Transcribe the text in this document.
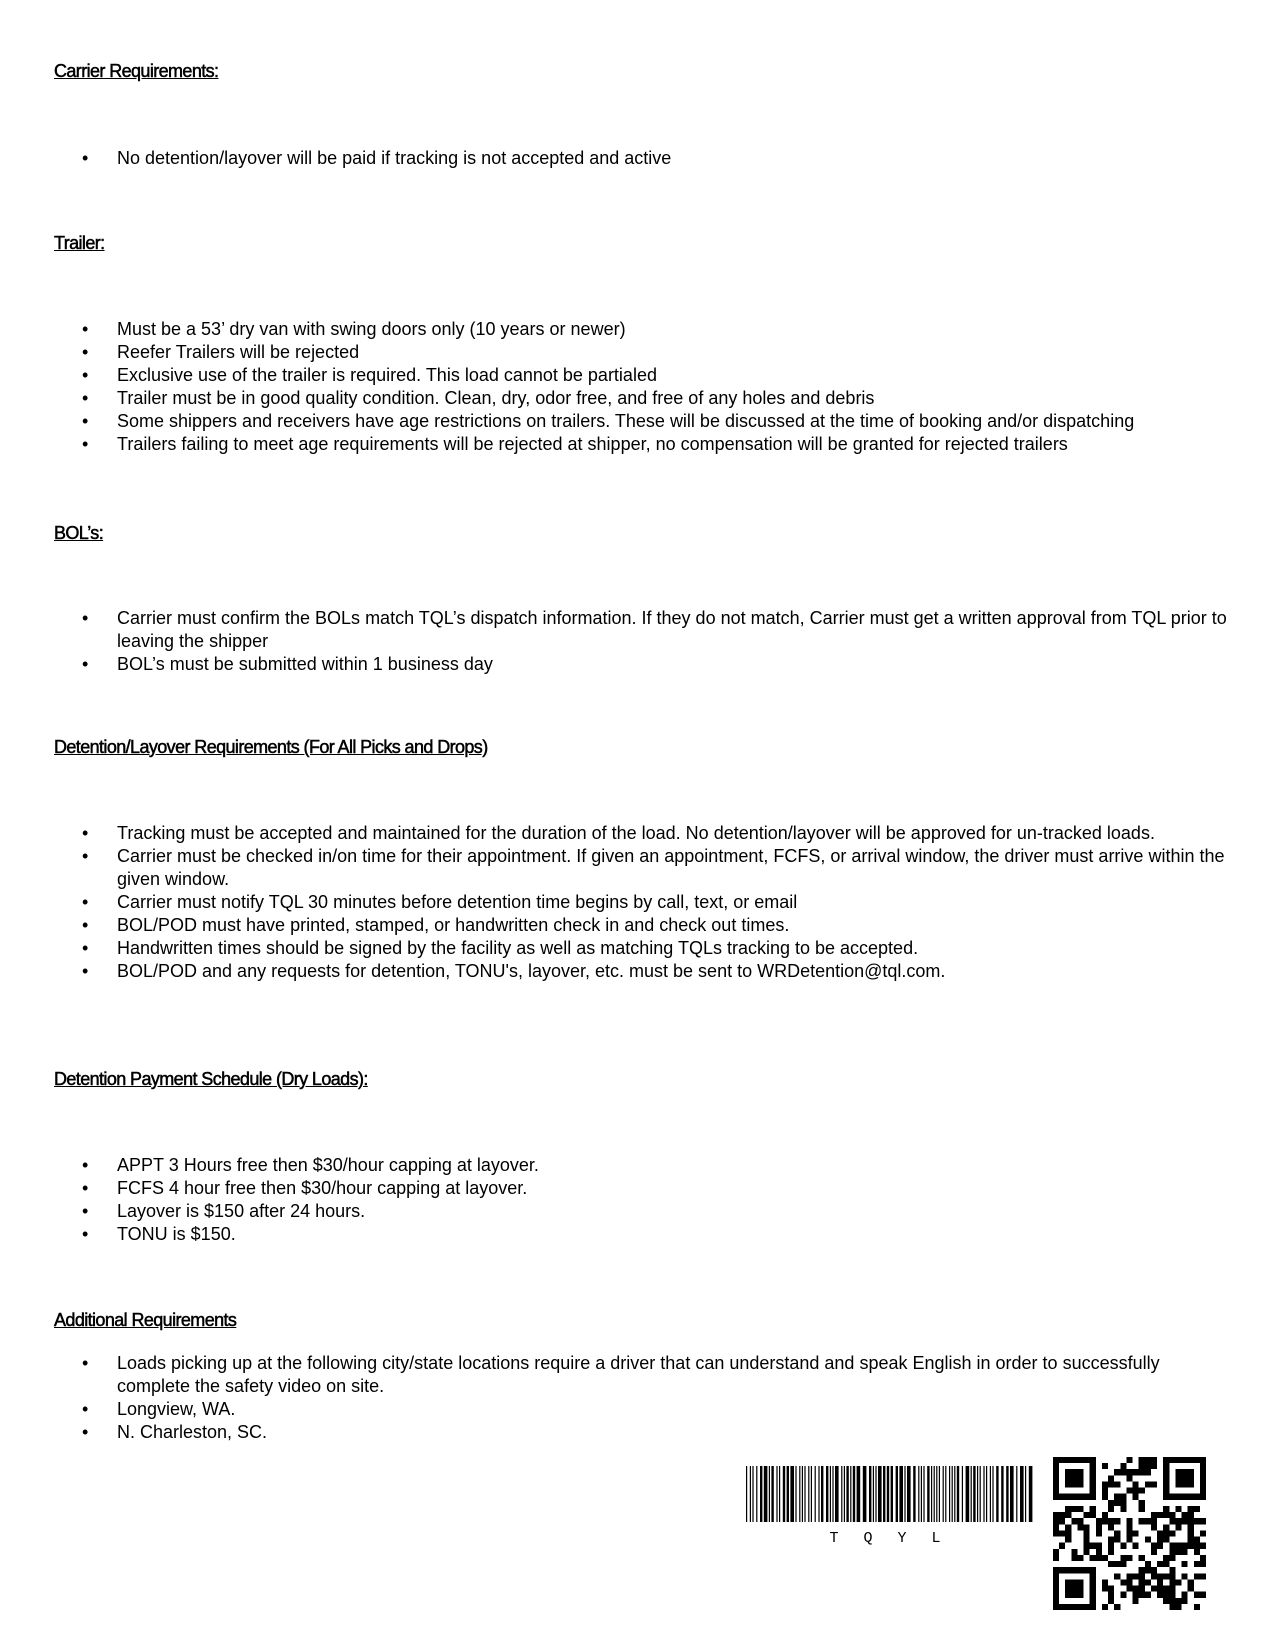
Carrier Requirements:
• No detention/layover will be paid if tracking is not accepted and active
Trailer:
• Must be a 53’ dry van with swing doors only (10 years or newer)
• Reefer Trailers will be rejected
• Exclusive use of the trailer is required. This load cannot be partialed
• Trailer must be in good quality condition. Clean, dry, odor free, and free of any holes and debris
• Some shippers and receivers have age restrictions on trailers. These will be discussed at the time of booking and/or dispatching
• Trailers failing to meet age requirements will be rejected at shipper, no compensation will be granted for rejected trailers
BOL’s:
• Carrier must confirm the BOLs match TQL’s dispatch information. If they do not match, Carrier must get a written approval from TQL prior to leaving the shipper
• BOL’s must be submitted within 1 business day
Detention/Layover Requirements (For All Picks and Drops)
• Tracking must be accepted and maintained for the duration of the load. No detention/layover will be approved for un-tracked loads.
• Carrier must be checked in/on time for their appointment. If given an appointment, FCFS, or arrival window, the driver must arrive within the given window.
• Carrier must notify TQL 30 minutes before detention time begins by call, text, or email
• BOL/POD must have printed, stamped, or handwritten check in and check out times.
• Handwritten times should be signed by the facility as well as matching TQLs tracking to be accepted.
• BOL/POD and any requests for detention, TONU's, layover, etc. must be sent to WRDetention@tql.com.
Detention Payment Schedule (Dry Loads):
• APPT 3 Hours free then $30/hour capping at layover.
• FCFS 4 hour free then $30/hour capping at layover.
• Layover is $150 after 24 hours.
• TONU is $150.
Additional Requirements
• Loads picking up at the following city/state locations require a driver that can understand and speak English in order to successfully complete the safety video on site.
• Longview, WA.
• N. Charleston, SC.
T Q Y L
